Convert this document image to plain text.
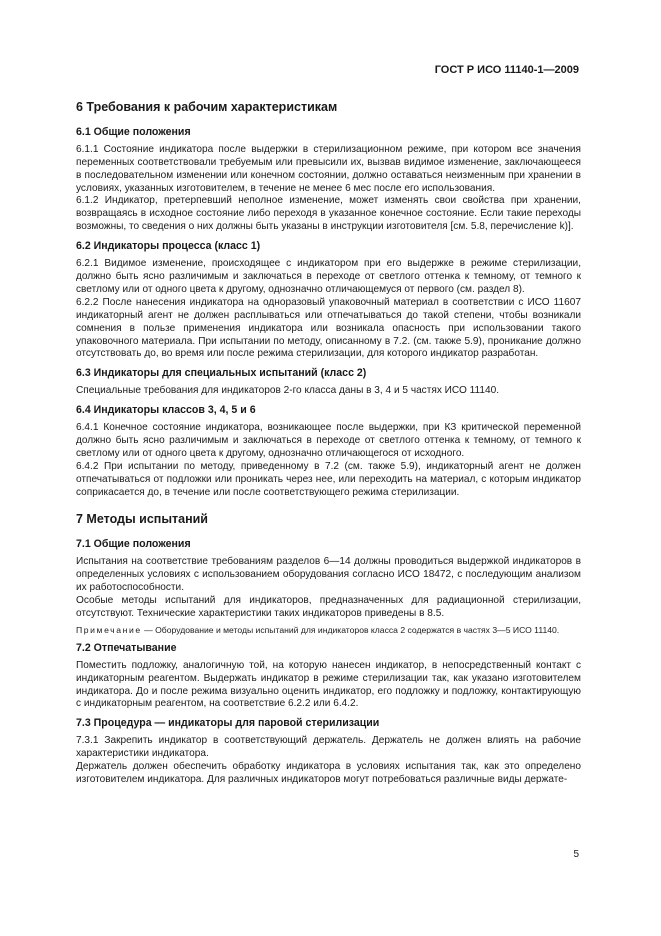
ГОСТ Р ИСО 11140-1—2009
6 Требования к рабочим характеристикам
6.1 Общие положения

6.1.1 Состояние индикатора после выдержки в стерилизационном режиме, при котором все значения переменных соответствовали требуемым или превысили их, вызвав видимое изменение, заключающееся в последовательном изменении или конечном состоянии, должно оставаться неизменным при хранении в условиях, указанных изготовителем, в течение не менее 6 мес после его использования.

6.1.2 Индикатор, претерпевший неполное изменение, может изменять свои свойства при хранении, возвращаясь в исходное состояние либо переходя в указанное конечное состояние. Если такие переходы возможны, то сведения о них должны быть указаны в инструкции изготовителя [см. 5.8, перечисление k)].

6.2 Индикаторы процесса (класс 1)

6.2.1 Видимое изменение, происходящее с индикатором при его выдержке в режиме стерилизации, должно быть ясно различимым и заключаться в переходе от светлого оттенка к темному, от темного к светлому или от одного цвета к другому, однозначно отличающемуся от первого (см. раздел 8).

6.2.2 После нанесения индикатора на одноразовый упаковочный материал в соответствии с ИСО 11607 индикаторный агент не должен расплываться или отпечатываться до такой степени, чтобы возникали сомнения в пользе применения индикатора или возникала опасность при использовании такого упаковочного материала. При испытании по методу, описанному в 7.2. (см. также 5.9), проникание должно отсутствовать до, во время или после режима стерилизации, для которого индикатор разработан.

6.3 Индикаторы для специальных испытаний (класс 2)

Специальные требования для индикаторов 2-го класса даны в 3, 4 и 5 частях ИСО 11140.

6.4 Индикаторы классов 3, 4, 5 и 6

6.4.1 Конечное состояние индикатора, возникающее после выдержки, при КЗ критической переменной должно быть ясно различимым и заключаться в переходе от светлого оттенка к темному, от темного к светлому или от одного цвета к другому, однозначно отличающегося от исходного.

6.4.2 При испытании по методу, приведенному в 7.2 (см. также 5.9), индикаторный агент не должен отпечатываться от подложки или проникать через нее, или переходить на материал, с которым индикатор соприкасается до, в течение или после соответствующего режима стерилизации.

7 Методы испытаний
7.1 Общие положения

Испытания на соответствие требованиям разделов 6—14 должны проводиться выдержкой индикаторов в определенных условиях с использованием оборудования согласно ИСО 18472, с последующим анализом их работоспособности.

Особые методы испытаний для индикаторов, предназначенных для радиационной стерилизации, отсутствуют. Технические характеристики таких индикаторов приведены в 8.5.

Примечание — Оборудование и методы испытаний для индикаторов класса 2 содержатся в частях 3—5 ИСО 11140.

7.2 Отпечатывание

Поместить подложку, аналогичную той, на которую нанесен индикатор, в непосредственный контакт с индикаторным реагентом. Выдержать индикатор в режиме стерилизации так, как указано изготовителем индикатора. До и после режима визуально оценить индикатор, его подложку и подложку, контактирующую с индикаторным реагентом, на соответствие 6.2.2 или 6.4.2.

7.3 Процедура — индикаторы для паровой стерилизации

7.3.1 Закрепить индикатор в соответствующий держатель. Держатель не должен влиять на рабочие характеристики индикатора.

Держатель должен обеспечить обработку индикатора в условиях испытания так, как это определено изготовителем индикатора. Для различных индикаторов могут потребоваться различные виды держате-

5
